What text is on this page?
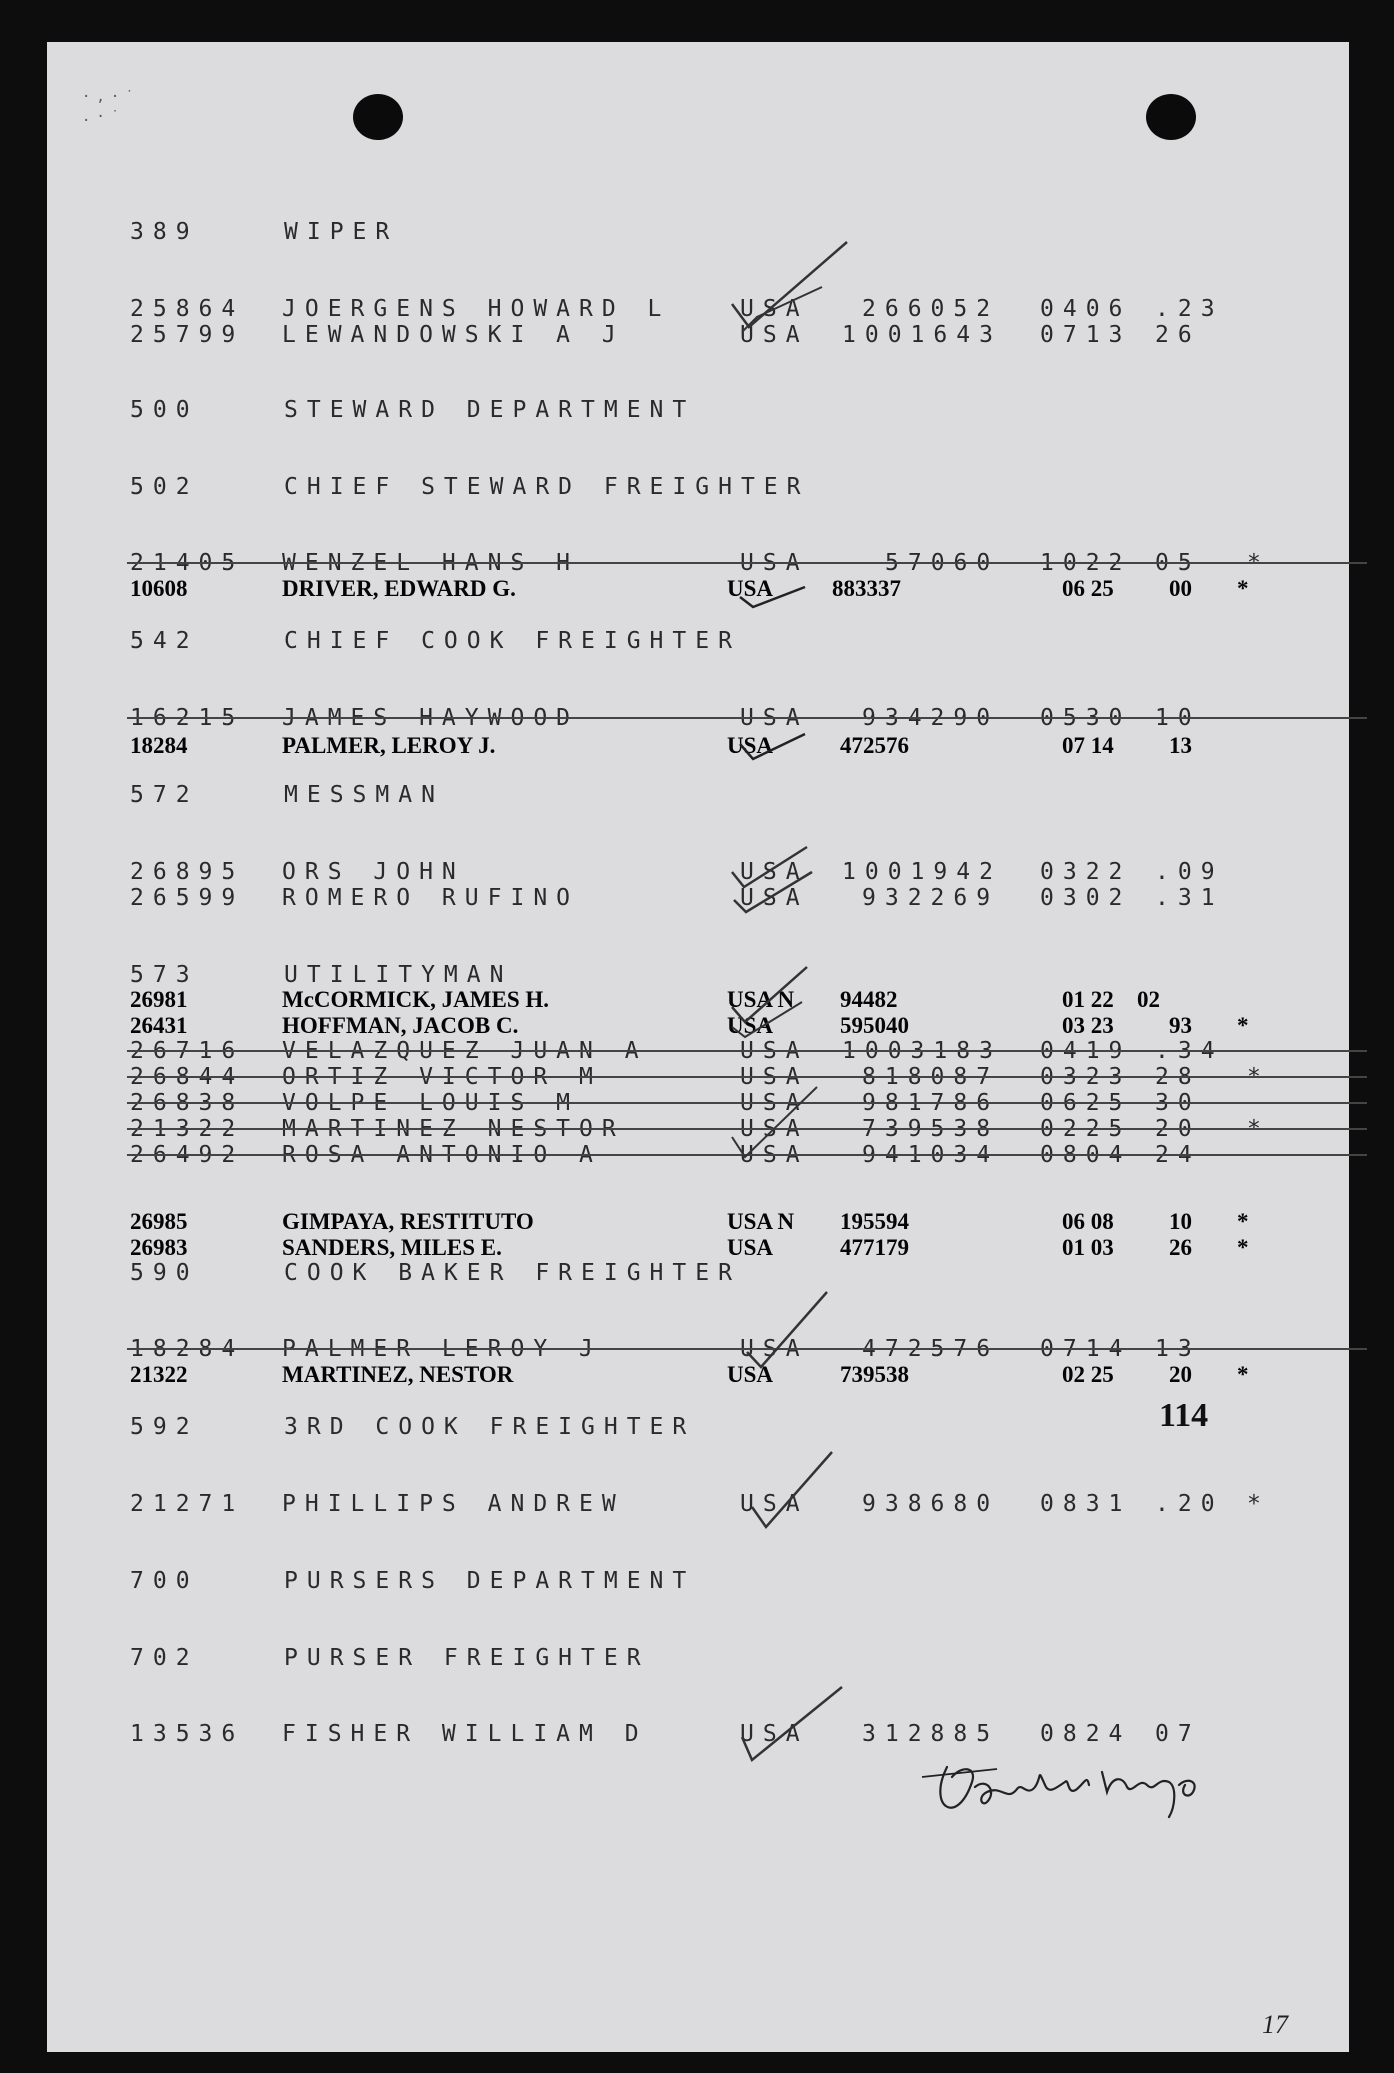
·,·˙
.·˙
389	WIPER
25864 JOERGENS HOWARD L	USA 266052 0406 .23
25799 LEWANDOWSKI A J	USA 1001643 0713 26
500	STEWARD DEPARTMENT
502	CHIEF STEWARD FREIGHTER
21405 WENZEL HANS H	USA	57060 1022 05 *
10608	DRIVER, EDWARD G.	USA	883337	06 25 00 *
542	CHIEF COOK FREIGHTER
16215 JAMES HAYWOOD	USA 934290 0530 10
18284	PALMER, LEROY J.	USA	472576	07 14 13
572	MESSMAN
26895 ORS JOHN	USA 1001942 0322 .09
26599 ROMERO RUFINO	USA 932269 0302 .31
573	UTILITYMAN
26981	McCORMICK, JAMES H.	USA N 94482	01 22 02
26431	HOFFMAN, JACOB C.	USA	595040	03 23 93 *
26716 VELAZQUEZ JUAN A	USA 1003183 0419 .34
26844 ORTIZ VICTOR M	USA 818087 0323 28 *
26838 VOLPE LOUIS M	USA 981786 0625 30
21322 MARTINEZ NESTOR	USA 739538 0225 20 *
26492 ROSA ANTONIO A	USA 941034 0804 24
26985	GIMPAYA, RESTITUTO	USA N 195594	06 08 10 *
26983	SANDERS, MILES E.	USA	477179	01 03 26 *
590	COOK BAKER FREIGHTER
18284 PALMER LEROY J	USA 472576 0714 13
21322	MARTINEZ, NESTOR	USA	739538	02 25 20 *
592	3RD COOK FREIGHTER	114
21271 PHILLIPS ANDREW	USA 938680 0831 .20 *
700	PURSERS DEPARTMENT
702	PURSER FREIGHTER
13536 FISHER WILLIAM D	USA 312885 0824 07
17
